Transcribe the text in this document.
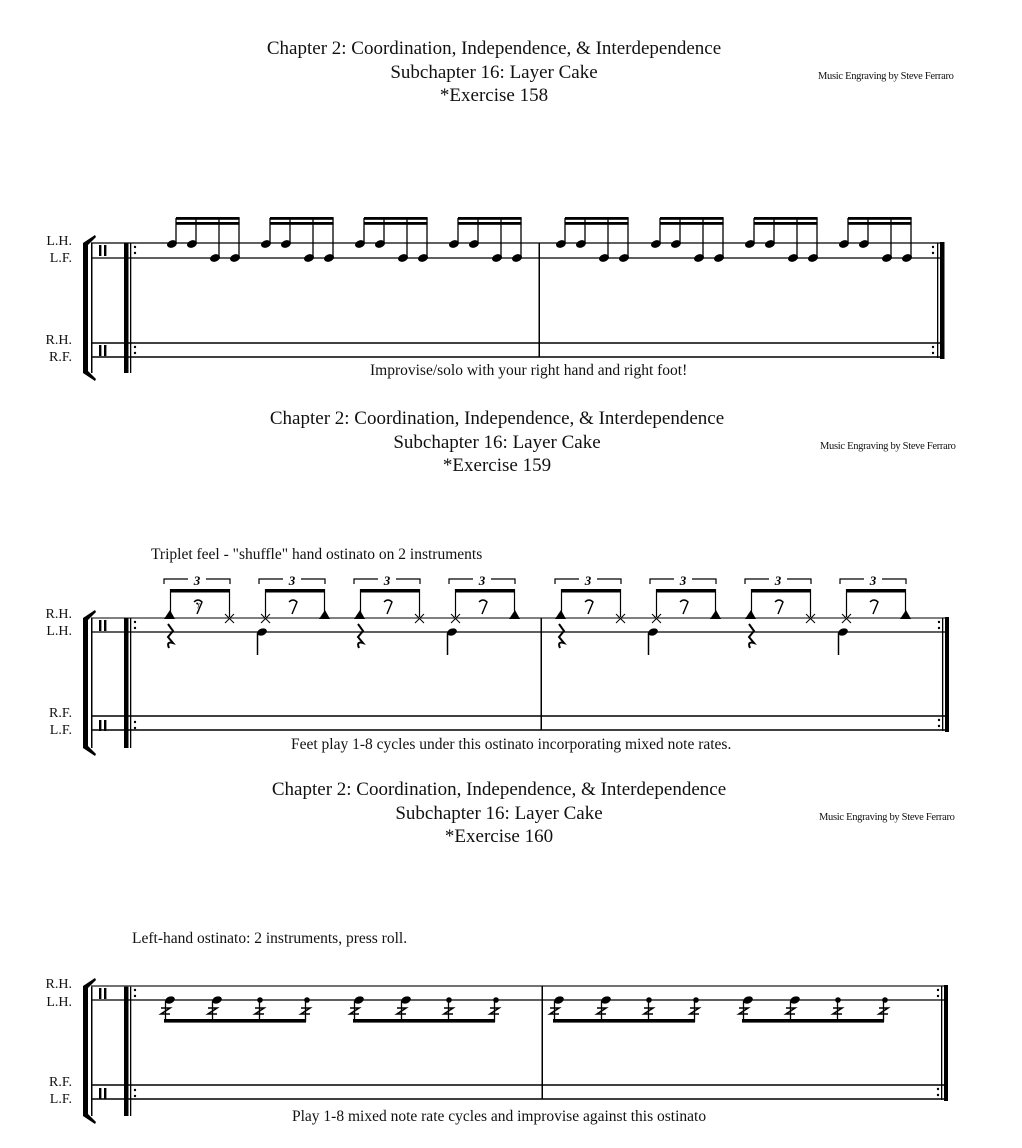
Chapter 2: Coordination, Independence, & Interdependence
Subchapter 16: Layer Cake
*Exercise 158
Music Engraving by Steve Ferraro
L.H.
L.F.
R.H.
R.F.
Improvise/solo with your right hand and right foot!
Chapter 2: Coordination, Independence, & Interdependence
Subchapter 16: Layer Cake
*Exercise 159
Music Engraving by Steve Ferraro
Triplet feel - "shuffle" hand ostinato on 2 instruments
R.H.
L.H.
R.F.
L.F.
Feet play 1-8 cycles under this ostinato incorporating mixed note rates.
Chapter 2: Coordination, Independence, & Interdependence
Subchapter 16: Layer Cake
*Exercise 160
Music Engraving by Steve Ferraro
Left-hand ostinato: 2 instruments, press roll.
R.H.
L.H.
R.F.
L.F.
Play 1-8 mixed note rate cycles and improvise against this ostinato
3
𝄾
3	3	3	3	3	3	3
